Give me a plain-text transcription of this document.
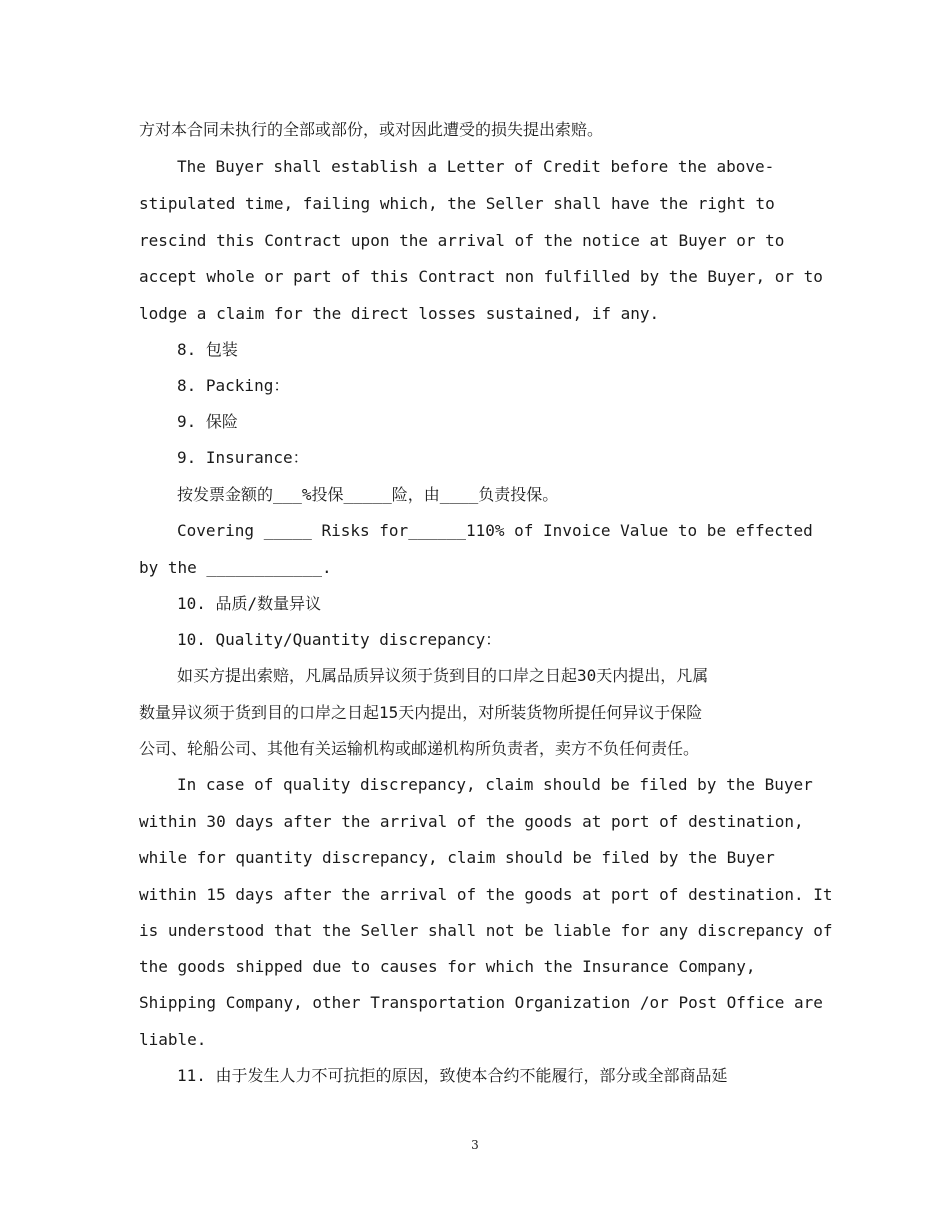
方对本合同未执行的全部或部份，或对因此遭受的损失提出索赔。
The Buyer shall establish a Letter of Credit before the above-
stipulated time, failing which, the Seller shall have the right to
rescind this Contract upon the arrival of the notice at Buyer or to
accept whole or part of this Contract non fulfilled by the Buyer, or to
lodge a claim for the direct losses sustained, if any.
8. 包装
8. Packing：
9. 保险
9. Insurance：
按发票金额的___%投保_____险，由____负责投保。
Covering _____ Risks for______110% of Invoice Value to be effected
by the ____________.
10. 品质/数量异议
10. Quality/Quantity discrepancy：
如买方提出索赔，凡属品质异议须于货到目的口岸之日起30天内提出，凡属
数量异议须于货到目的口岸之日起15天内提出，对所装货物所提任何异议于保险
公司、轮船公司、其他有关运输机构或邮递机构所负责者，卖方不负任何责任。
In case of quality discrepancy, claim should be filed by the Buyer
within 30 days after the arrival of the goods at port of destination,
while for quantity discrepancy, claim should be filed by the Buyer
within 15 days after the arrival of the goods at port of destination. It
is understood that the Seller shall not be liable for any discrepancy of
the goods shipped due to causes for which the Insurance Company,
Shipping Company, other Transportation Organization /or Post Office are
liable.
11. 由于发生人力不可抗拒的原因，致使本合约不能履行，部分或全部商品延
3
